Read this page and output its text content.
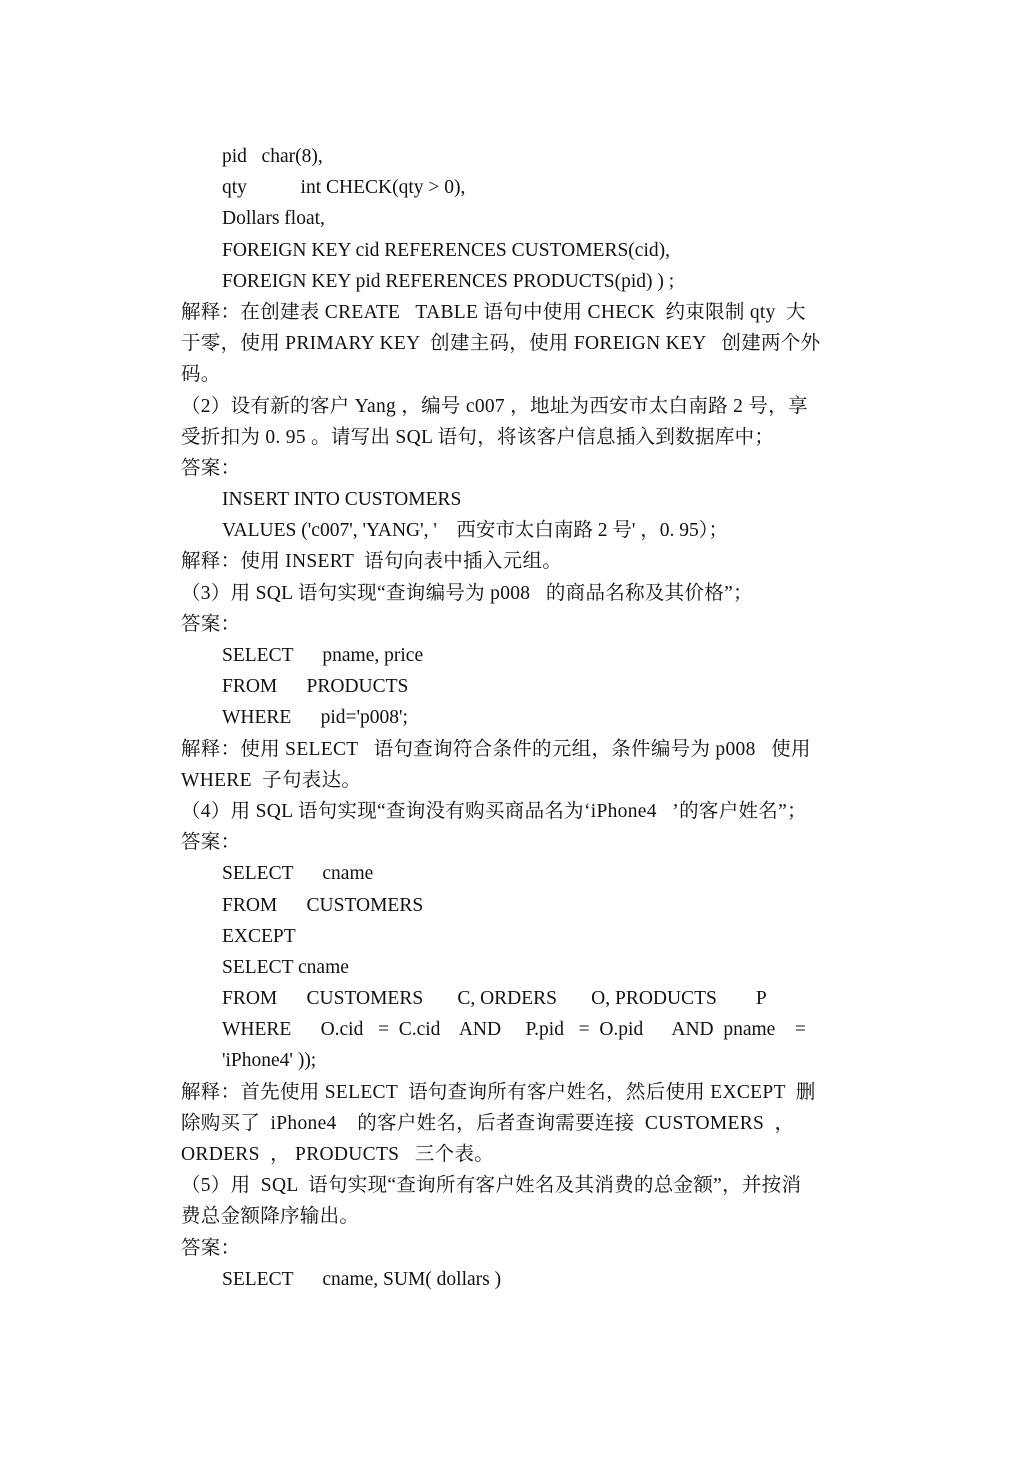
pid   char(8),
qty           int CHECK(qty > 0),
Dollars float,
FOREIGN KEY cid REFERENCES CUSTOMERS(cid),
FOREIGN KEY pid REFERENCES PRODUCTS(pid) ) ;
解释：在创建表 CREATE   TABLE 语句中使用 CHECK  约束限制 qty  大
于零，使用 PRIMARY KEY  创建主码，使用 FOREIGN KEY   创建两个外
码。
（2）设有新的客户 Yang ，编号 c007 ，地址为西安市太白南路 2 号，享
受折扣为 0. 95 。请写出 SQL 语句，将该客户信息插入到数据库中；
答案：
INSERT INTO CUSTOMERS
VALUES ('c007', 'YANG', '    西安市太白南路 2 号' ，0. 95）；
解释：使用 INSERT  语句向表中插入元组。
（3）用 SQL 语句实现“查询编号为 p008   的商品名称及其价格”；
答案：
SELECT      pname, price
FROM      PRODUCTS
WHERE      pid='p008';
解释：使用 SELECT   语句查询符合条件的元组，条件编号为 p008   使用
WHERE  子句表达。
（4）用 SQL 语句实现“查询没有购买商品名为‘iPhone4   ’的客户姓名”；
答案：
SELECT      cname
FROM      CUSTOMERS
EXCEPT
SELECT cname
FROM      CUSTOMERS       C, ORDERS       O, PRODUCTS        P
WHERE      O.cid   =  C.cid    AND     P.pid   =  O.pid      AND  pname    =
'iPhone4' ));
解释：首先使用 SELECT  语句查询所有客户姓名，然后使用 EXCEPT  删
除购买了  iPhone4    的客户姓名，后者查询需要连接  CUSTOMERS  ，
ORDERS  ， PRODUCTS   三个表。
（5）用  SQL  语句实现“查询所有客户姓名及其消费的总金额”，并按消
费总金额降序输出。
答案：
SELECT      cname, SUM( dollars )
